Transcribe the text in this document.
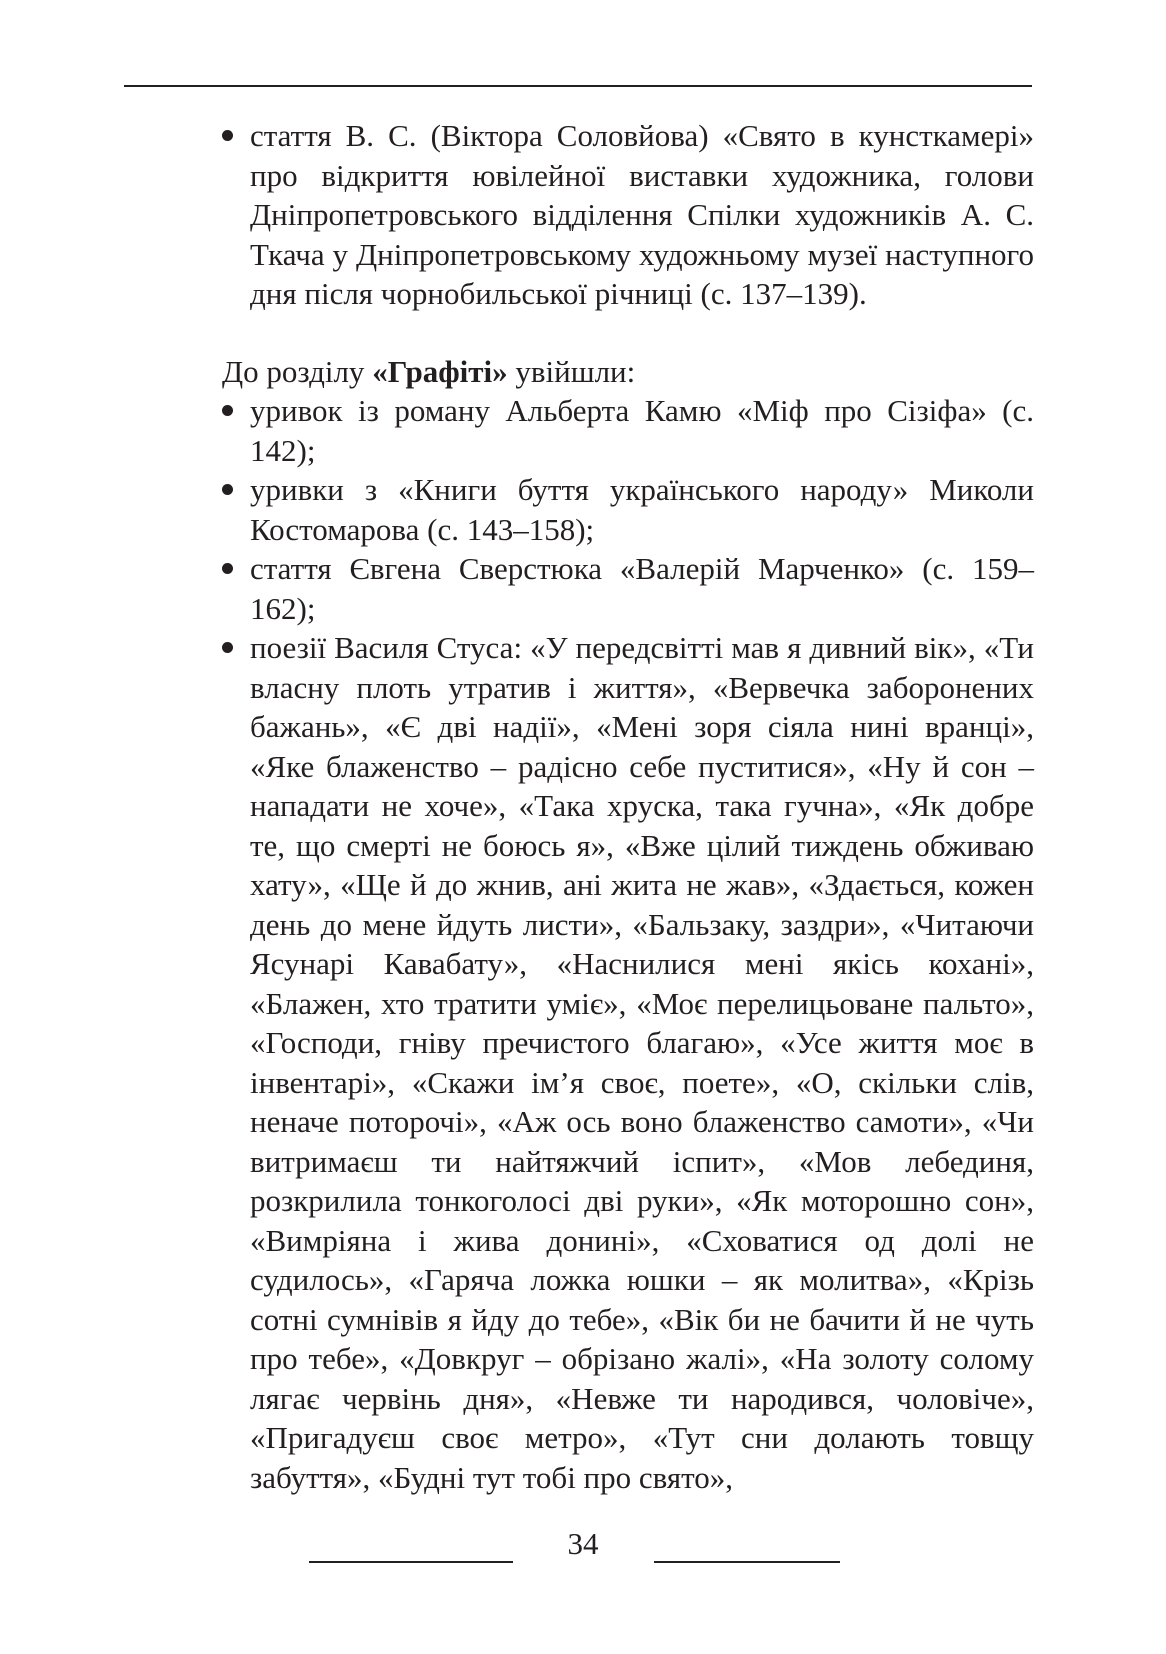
стаття В. С. (Віктора Соловйова) «Свято в кунсткамері» про відкриття ювілейної виставки художника, голови Дніпропетровського відділення Спілки художників А. С. Ткача у Дніпропетровському художньому музеї наступного дня після чорнобильської річниці (с. 137–139).

До розділу «Графіті» увійшли:

уривок із роману Альберта Камю «Міф про Сізіфа» (с. 142);
уривки з «Книги буття українського народу» Миколи Костомарова (с. 143–158);
стаття Євгена Сверстюка «Валерій Марченко» (с. 159–162);
поезії Василя Стуса: «У передсвітті мав я дивний вік», «Ти власну плоть утратив і життя», «Вервечка заборонених бажань», «Є дві надії», «Мені зоря сіяла нині вранці», «Яке блаженство – радісно себе пуститися», «Ну й сон – нападати не хоче», «Така хруска, така гучна», «Як добре те, що смерті не боюсь я», «Вже цілий тиждень обживаю хату», «Ще й до жнив, ані жита не жав», «Здається, кожен день до мене йдуть листи», «Бальзаку, заздри», «Читаючи Ясунарі Кавабату», «Наснилися мені якісь кохані», «Блажен, хто тратити уміє», «Моє перелицьоване пальто», «Господи, гніву пречистого благаю», «Усе життя моє в інвентарі», «Скажи ім’я своє, поете», «О, скільки слів, неначе поторочі», «Аж ось воно блаженство самоти», «Чи витримаєш ти найтяжчий іспит», «Мов лебединя, розкрилила тонкоголосі дві руки», «Як моторошно сон», «Вимріяна і жива донині», «Сховатися од долі не судилось», «Гаряча ложка юшки – як молитва», «Крізь сотні сумнівів я йду до тебе», «Вік би не бачити й не чуть про тебе», «Довкруг – обрізано жалі», «На золоту солому лягає червінь дня», «Невже ти народився, чоловіче», «Пригадуєш своє метро», «Тут сни долають товщу забуття», «Будні тут тобі про свято»,
34
